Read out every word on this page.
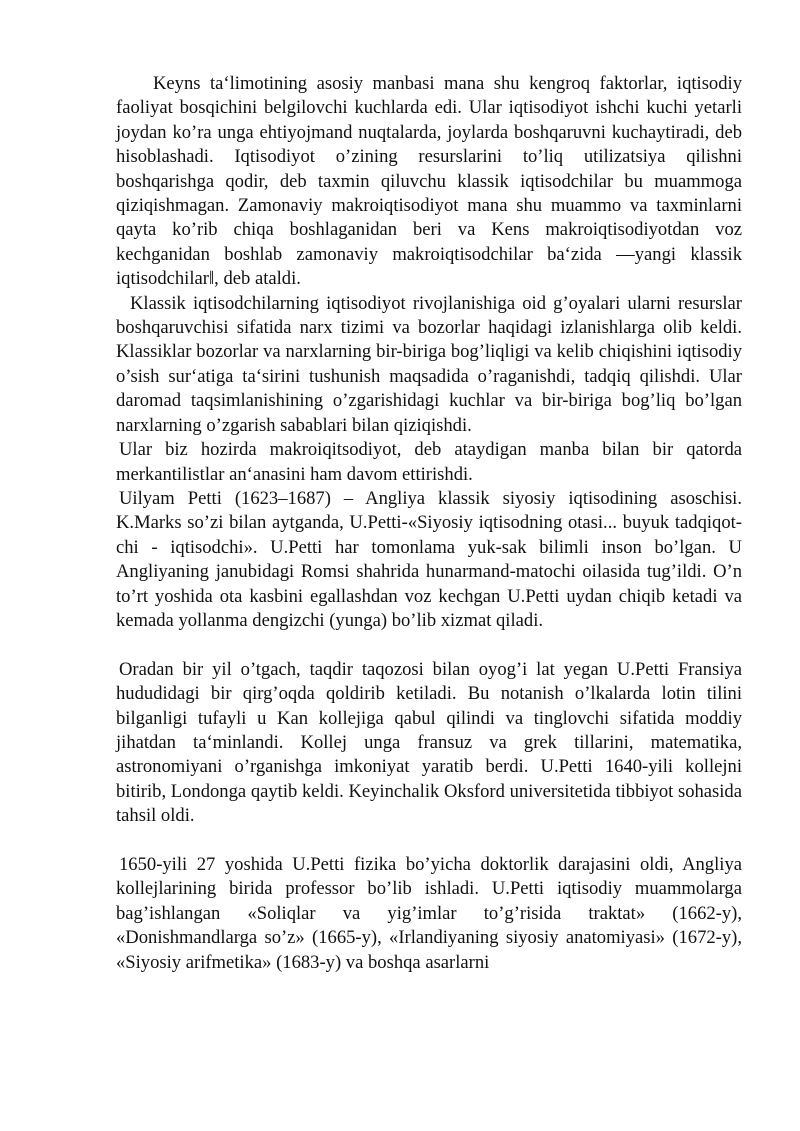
Keyns ta‘limotining asosiy manbasi mana shu kengroq faktorlar, iqtisodiy faoliyat bosqichini belgilovchi kuchlarda edi. Ular iqtisodiyot ishchi kuchi yetarli joydan ko’ra unga ehtiyojmand nuqtalarda, joylarda boshqaruvni kuchaytiradi, deb hisoblashadi. Iqtisodiyot o’zining resurslarini to’liq utilizatsiya qilishni boshqarishga qodir, deb taxmin qiluvchu klassik iqtisodchilar bu muammoga qiziqishmagan. Zamonaviy makroiqtisodiyot mana shu muammo va taxminlarni qayta ko’rib chiqa boshlaganidan beri va Kens makroiqtisodiyotdan voz kechganidan boshlab zamonaviy makroiqtisodchilar ba‘zida ―yangi klassik iqtisodchilar‖, deb ataldi.

Klassik iqtisodchilarning iqtisodiyot rivojlanishiga oid g’oyalari ularni resurslar boshqaruvchisi sifatida narx tizimi va bozorlar haqidagi izlanishlarga olib keldi. Klassiklar bozorlar va narxlarning bir-biriga bog’liqligi va kelib chiqishini iqtisodiy o’sish sur‘atiga ta‘sirini tushunish maqsadida o’raganishdi, tadqiq qilishdi. Ular daromad taqsimlanishining o’zgarishidagi kuchlar va bir-biriga bog’liq bo’lgan narxlarning o’zgarish sabablari bilan qiziqishdi.

Ular biz hozirda makroiqitsodiyot, deb ataydigan manba bilan bir qatorda merkantilistlar an‘anasini ham davom ettirishdi.

Uilyam Petti (1623–1687) – Angliya klassik siyosiy iqtisodining asoschisi. K.Marks so’zi bilan aytganda, U.Petti-«Siyosiy iqtisodning otasi... buyuk tadqiqot-chi - iqtisodchi». U.Petti har tomonlama yuk-sak bilimli inson bo’lgan. U Angliyaning janubidagi Romsi shahrida hunarmand-matochi oilasida tug’ildi. O’n to’rt yoshida ota kasbini egallashdan voz kechgan U.Petti uydan chiqib ketadi va kemada yollanma dengizchi (yunga) bo’lib xizmat qiladi.

Oradan bir yil o’tgach, taqdir taqozosi bilan oyog’i lat yegan U.Petti Fransiya hududidagi bir qirg’oqda qoldirib ketiladi. Bu notanish o’lkalarda lotin tilini bilganligi tufayli u Kan kollejiga qabul qilindi va tinglovchi sifatida moddiy jihatdan ta‘minlandi. Kollej unga fransuz va grek tillarini, matematika, astronomiyani o’rganishga imkoniyat yaratib berdi. U.Petti 1640-yili kollejni bitirib, Londonga qaytib keldi. Keyinchalik Oksford universitetida tibbiyot sohasida tahsil oldi.

1650-yili 27 yoshida U.Petti fizika bo’yicha doktorlik darajasini oldi, Angliya kollejlarining birida professor bo’lib ishladi. U.Petti iqtisodiy muammolarga bag’ishlangan «Soliqlar va yig’imlar to’g’risida traktat» (1662-y), «Donishmandlarga so’z» (1665-y), «Irlandiyaning siyosiy anatomiyasi» (1672-y), «Siyosiy arifmetika» (1683-y) va boshqa asarlarni
